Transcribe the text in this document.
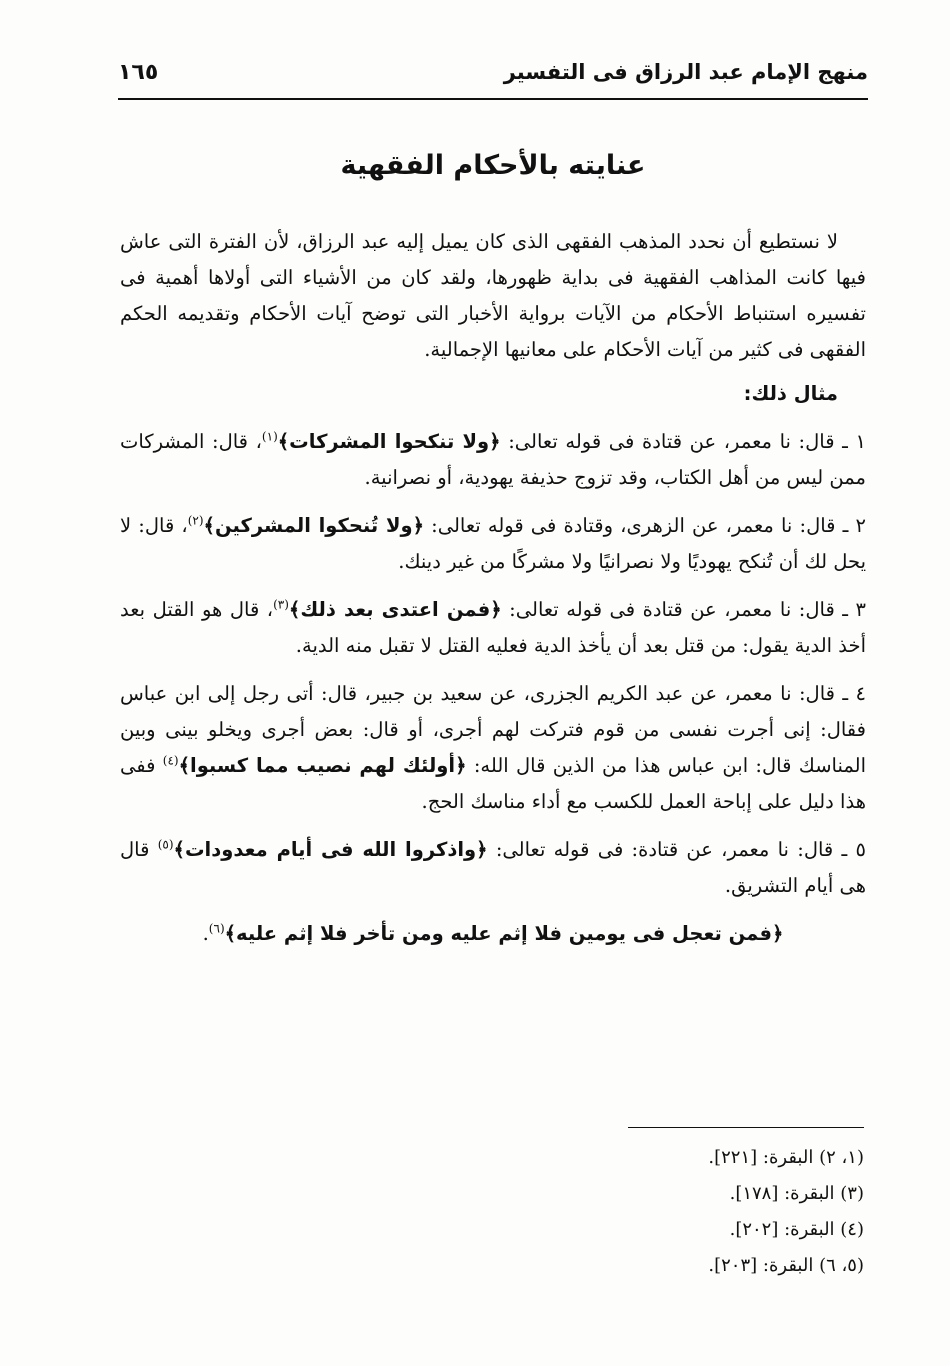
منهج الإمام عبد الرزاق فى التفسير
١٦٥
عنايته بالأحكام الفقهية

لا نستطيع أن نحدد المذهب الفقهى الذى كان يميل إليه عبد الرزاق، لأن الفترة التى عاش فيها كانت المذاهب الفقهية فى بداية ظهورها، ولقد كان من الأشياء التى أولاها أهمية فى تفسيره استنباط الأحكام من الآيات برواية الأخبار التى توضح آيات الأحكام وتقديمه الحكم الفقهى فى كثير من آيات الأحكام على معانيها الإجمالية.

مثال ذلك:

١ ـ قال: نا معمر، عن قتادة فى قوله تعالى: ﴿ولا تنكحوا المشركات﴾$^{(١)}$، قال: المشركات ممن ليس من أهل الكتاب، وقد تزوج حذيفة يهودية، أو نصرانية.

٢ ـ قال: نا معمر، عن الزهرى، وقتادة فى قوله تعالى: ﴿ولا تُنحكوا المشركين﴾$^{(٢)}$، قال: لا يحل لك أن تُنكح يهوديًا ولا نصرانيًا ولا مشركًا من غير دينك.

٣ ـ قال: نا معمر، عن قتادة فى قوله تعالى: ﴿فمن اعتدى بعد ذلك﴾$^{(٣)}$، قال هو القتل بعد أخذ الدية يقول: من قتل بعد أن يأخذ الدية فعليه القتل لا تقبل منه الدية.

٤ ـ قال: نا معمر، عن عبد الكريم الجزرى، عن سعيد بن جبير، قال: أتى رجل إلى ابن عباس فقال: إنى أجرت نفسى من قوم فتركت لهم أجرى، أو قال: بعض أجرى ويخلو بينى وبين المناسك قال: ابن عباس هذا من الذين قال الله: ﴿أولئك لهم نصيب مما كسبوا﴾$^{(٤)}$ ففى هذا دليل على إباحة العمل للكسب مع أداء مناسك الحج.

٥ ـ قال: نا معمر، عن قتادة: فى قوله تعالى: ﴿واذكروا الله فى أيام معدودات﴾$^{(٥)}$ قال هى أيام التشريق.

﴿فمن تعجل فى يومين فلا إثم عليه ومن تأخر فلا إثم عليه﴾$^{(٦)}$.

(١، ٢) البقرة: [٢٢١].

(٣) البقرة: [١٧٨].

(٤) البقرة: [٢٠٢].

(٥، ٦) البقرة: [٢٠٣].
